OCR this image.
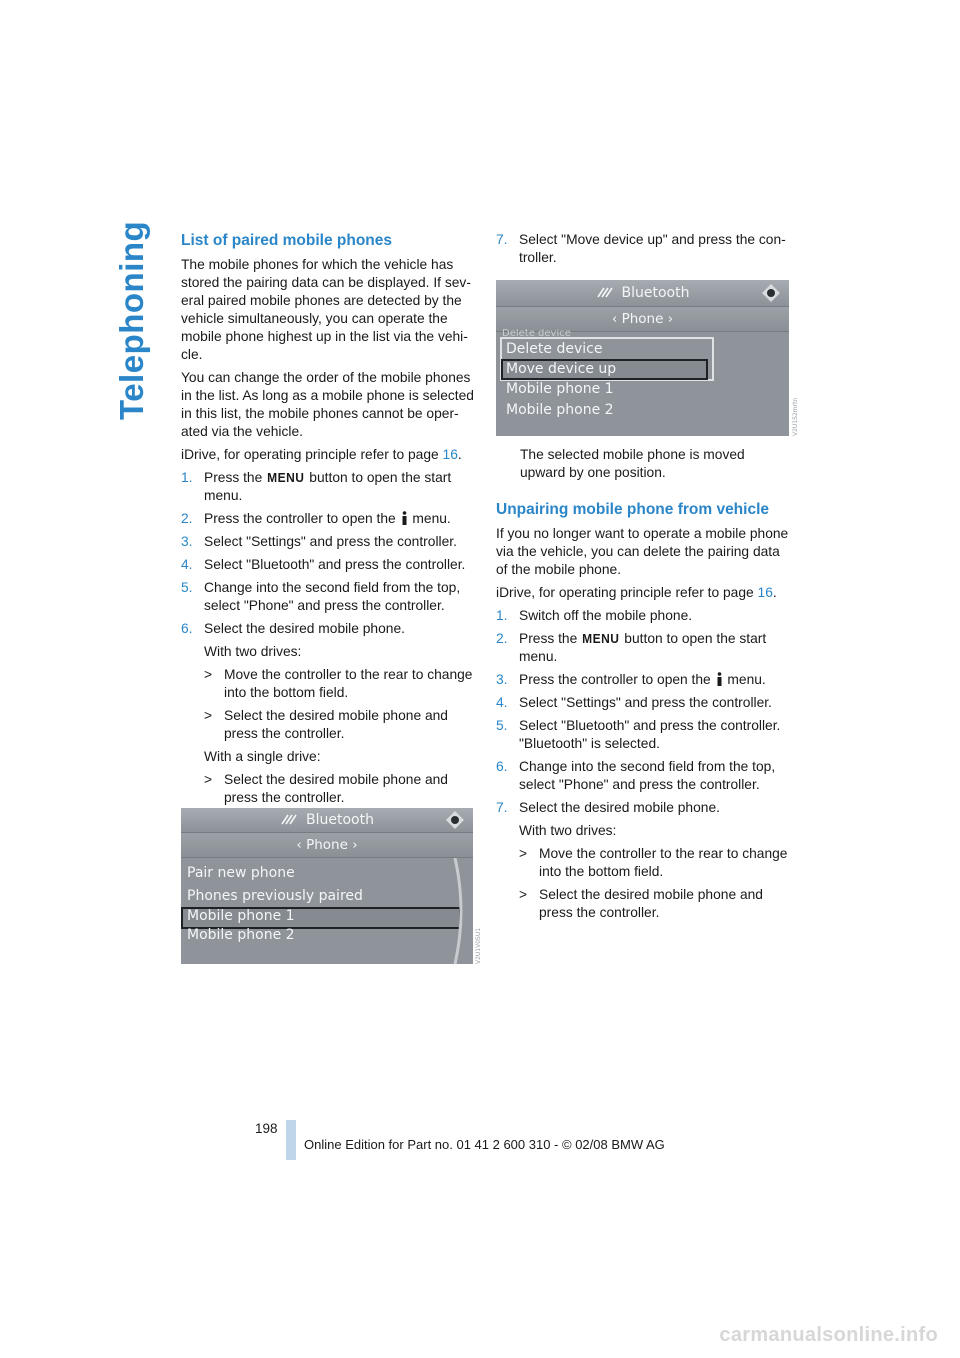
Telephoning List of paired mobile phones

The mobile phones for which the vehicle has stored the pairing data can be displayed. If sev-eral paired mobile phones are detected by the vehicle simultaneously, you can operate the mobile phone highest up in the list via the vehi-cle.

You can change the order of the mobile phones in the list. As long as a mobile phone is selected in this list, the mobile phones cannot be oper-ated via the vehicle.

iDrive, for operating principle refer to page 16.

1. Press the MENU button to open the start menu.
2. Press the controller to open the  menu.
3. Select "Settings" and press the controller.
4. Select "Bluetooth" and press the controller.
5. Change into the second field from the top, select "Phone" and press the controller.
6. Select the desired mobile phone.
With two drives:
> Move the controller to the rear to change into the bottom field.
> Select the desired mobile phone and press the controller.
With a single drive:
> Select the desired mobile phone and press the controller.
Bluetooth
‹ Phone ›
Pair new phone
Phones previously paired
Mobile phone 1
Mobile phone 2	V2U1V0SU1
7. Select "Move device up" and press the con-troller.
The selected mobile phone is moved upward by one position.
Unpairing mobile phone from vehicle

If you no longer want to operate a mobile phone via the vehicle, you can delete the pairing data of the mobile phone.

iDrive, for operating principle refer to page 16.

1. Switch off the mobile phone.
2. Press the MENU button to open the start menu.
3. Press the controller to open the  menu.
4. Select "Settings" and press the controller.
5. Select "Bluetooth" and press the controller. "Bluetooth" is selected.
6. Change into the second field from the top, select "Phone" and press the controller.
7. Select the desired mobile phone.
With two drives:
> Move the controller to the rear to change into the bottom field.
> Select the desired mobile phone and press the controller.
Bluetooth
‹ Phone ›
Delete device
Delete device
Move device up
Mobile phone 1
Mobile phone 2	V2U1S2mrtn
198
Online Edition for Part no. 01 41 2 600 310 - © 02/08 BMW AG
carmanualsonline.info
